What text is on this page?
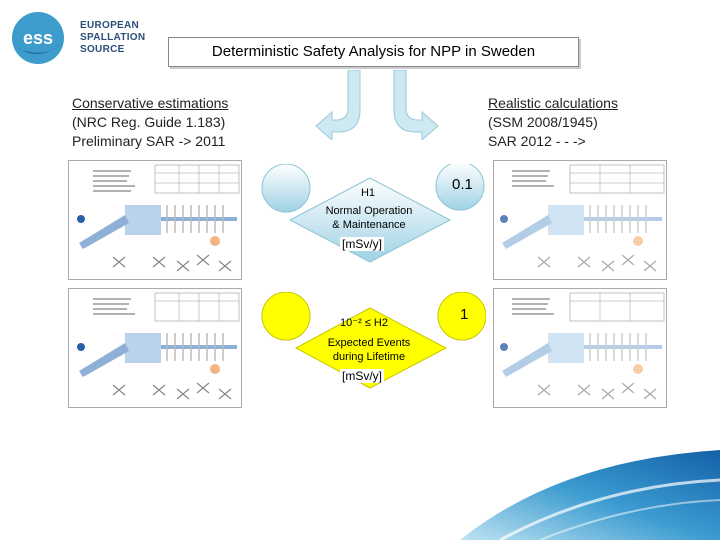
ess
EUROPEAN
SPALLATION
SOURCE	Deterministic Safety Analysis for NPP in Sweden
Conservative estimations
(NRC Reg. Guide 1.183)
Preliminary SAR -> 2011
Realistic calculations
(SSM 2008/1945)
SAR 2012 - - ->
0.1
H1
Normal Operation
& Maintenance
[mSv/y]
1
10⁻² ≤ H2
Expected Events
during Lifetime
[mSv/y]
